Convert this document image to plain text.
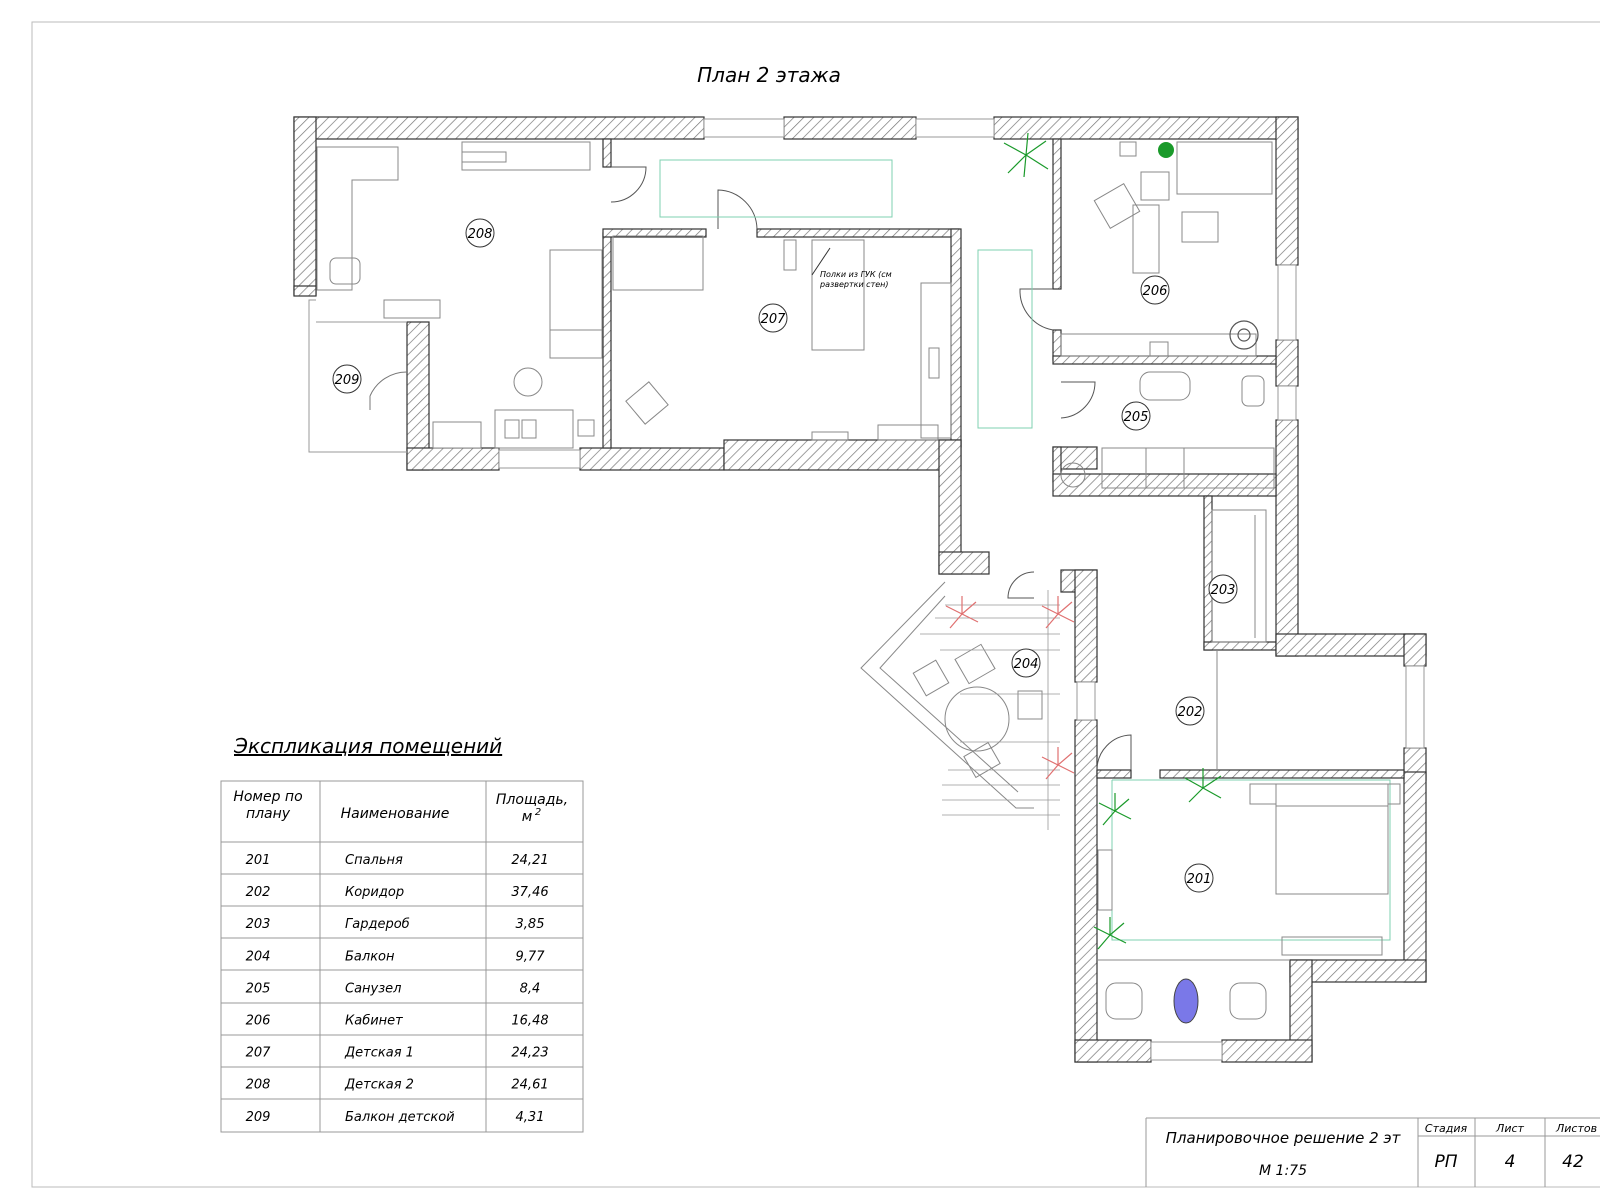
План 2 этажа
Полки из ГУК (см
развертки стен)
208
207
209
206
205
203
204
202
201
Экспликация помещений
Номер по
плану	Наименование
Площадь,
м 2
201	Спальня	24,21
202	Коридор	37,46
203	Гардероб	3,85
204	Балкон	9,77
205	Санузел	8,4
206	Кабинет	16,48
207	Детская 1	24,23
208	Детская 2	24,61
209	Балкон детской	4,31
Планировочное решение 2 эт
М 1:75
Стадия	Лист	Листов
РП	4	42
